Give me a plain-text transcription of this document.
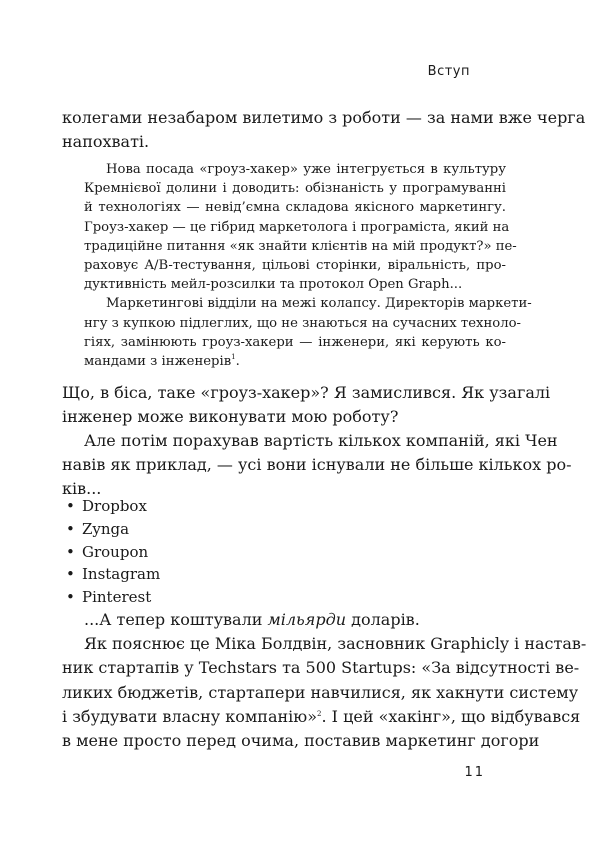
Вступ
колегами незабаром вилетимо з роботи — за нами вже черга
напохваті.
Нова посада «гроуз-хакер» уже інтегрується в культуру
Кремнієвої долини і доводить: обізнаність у програмуванні
й технологіях — невід’ємна складова якісного маркетингу.
Гроуз-хакер — це гібрид маркетолога і програміста, який на
традиційне питання «як знайти клієнтів на мій продукт?» пе-
раховує A/B-тестування, цільові сторінки, віральність, про-
дуктивність мейл-розсилки та протокол Open Graph...
Маркетингові відділи на межі колапсу. Директорів маркети-
нгу з купкою підлеглих, що не знаються на сучасних техноло-
гіях, замінюють гроуз-хакери — інженери, які керують ко-
мандами з інженерів$^1$.
Що, в біса, таке «гроуз-хакер»? Я замислився. Як узагалі
інженер може виконувати мою роботу?
Але потім порахував вартість кількох компаній, які Чен
навів як приклад, — усі вони існували не більше кількох ро-
ків...
• Dropbox
• Zynga
• Groupon
• Instagram
• Pinterest
...А тепер коштували мільярди доларів.
Як пояснює це Міка Болдвін, засновник Graphicly і настав-
ник стартапів у Techstars та 500 Startups: «За відсутності ве-
ликих бюджетів, стартапери навчилися, як хакнути систему
і збудувати власну компанію»$^2$. І цей «хакінг», що відбувався
в мене просто перед очима, поставив маркетинг догори
11
